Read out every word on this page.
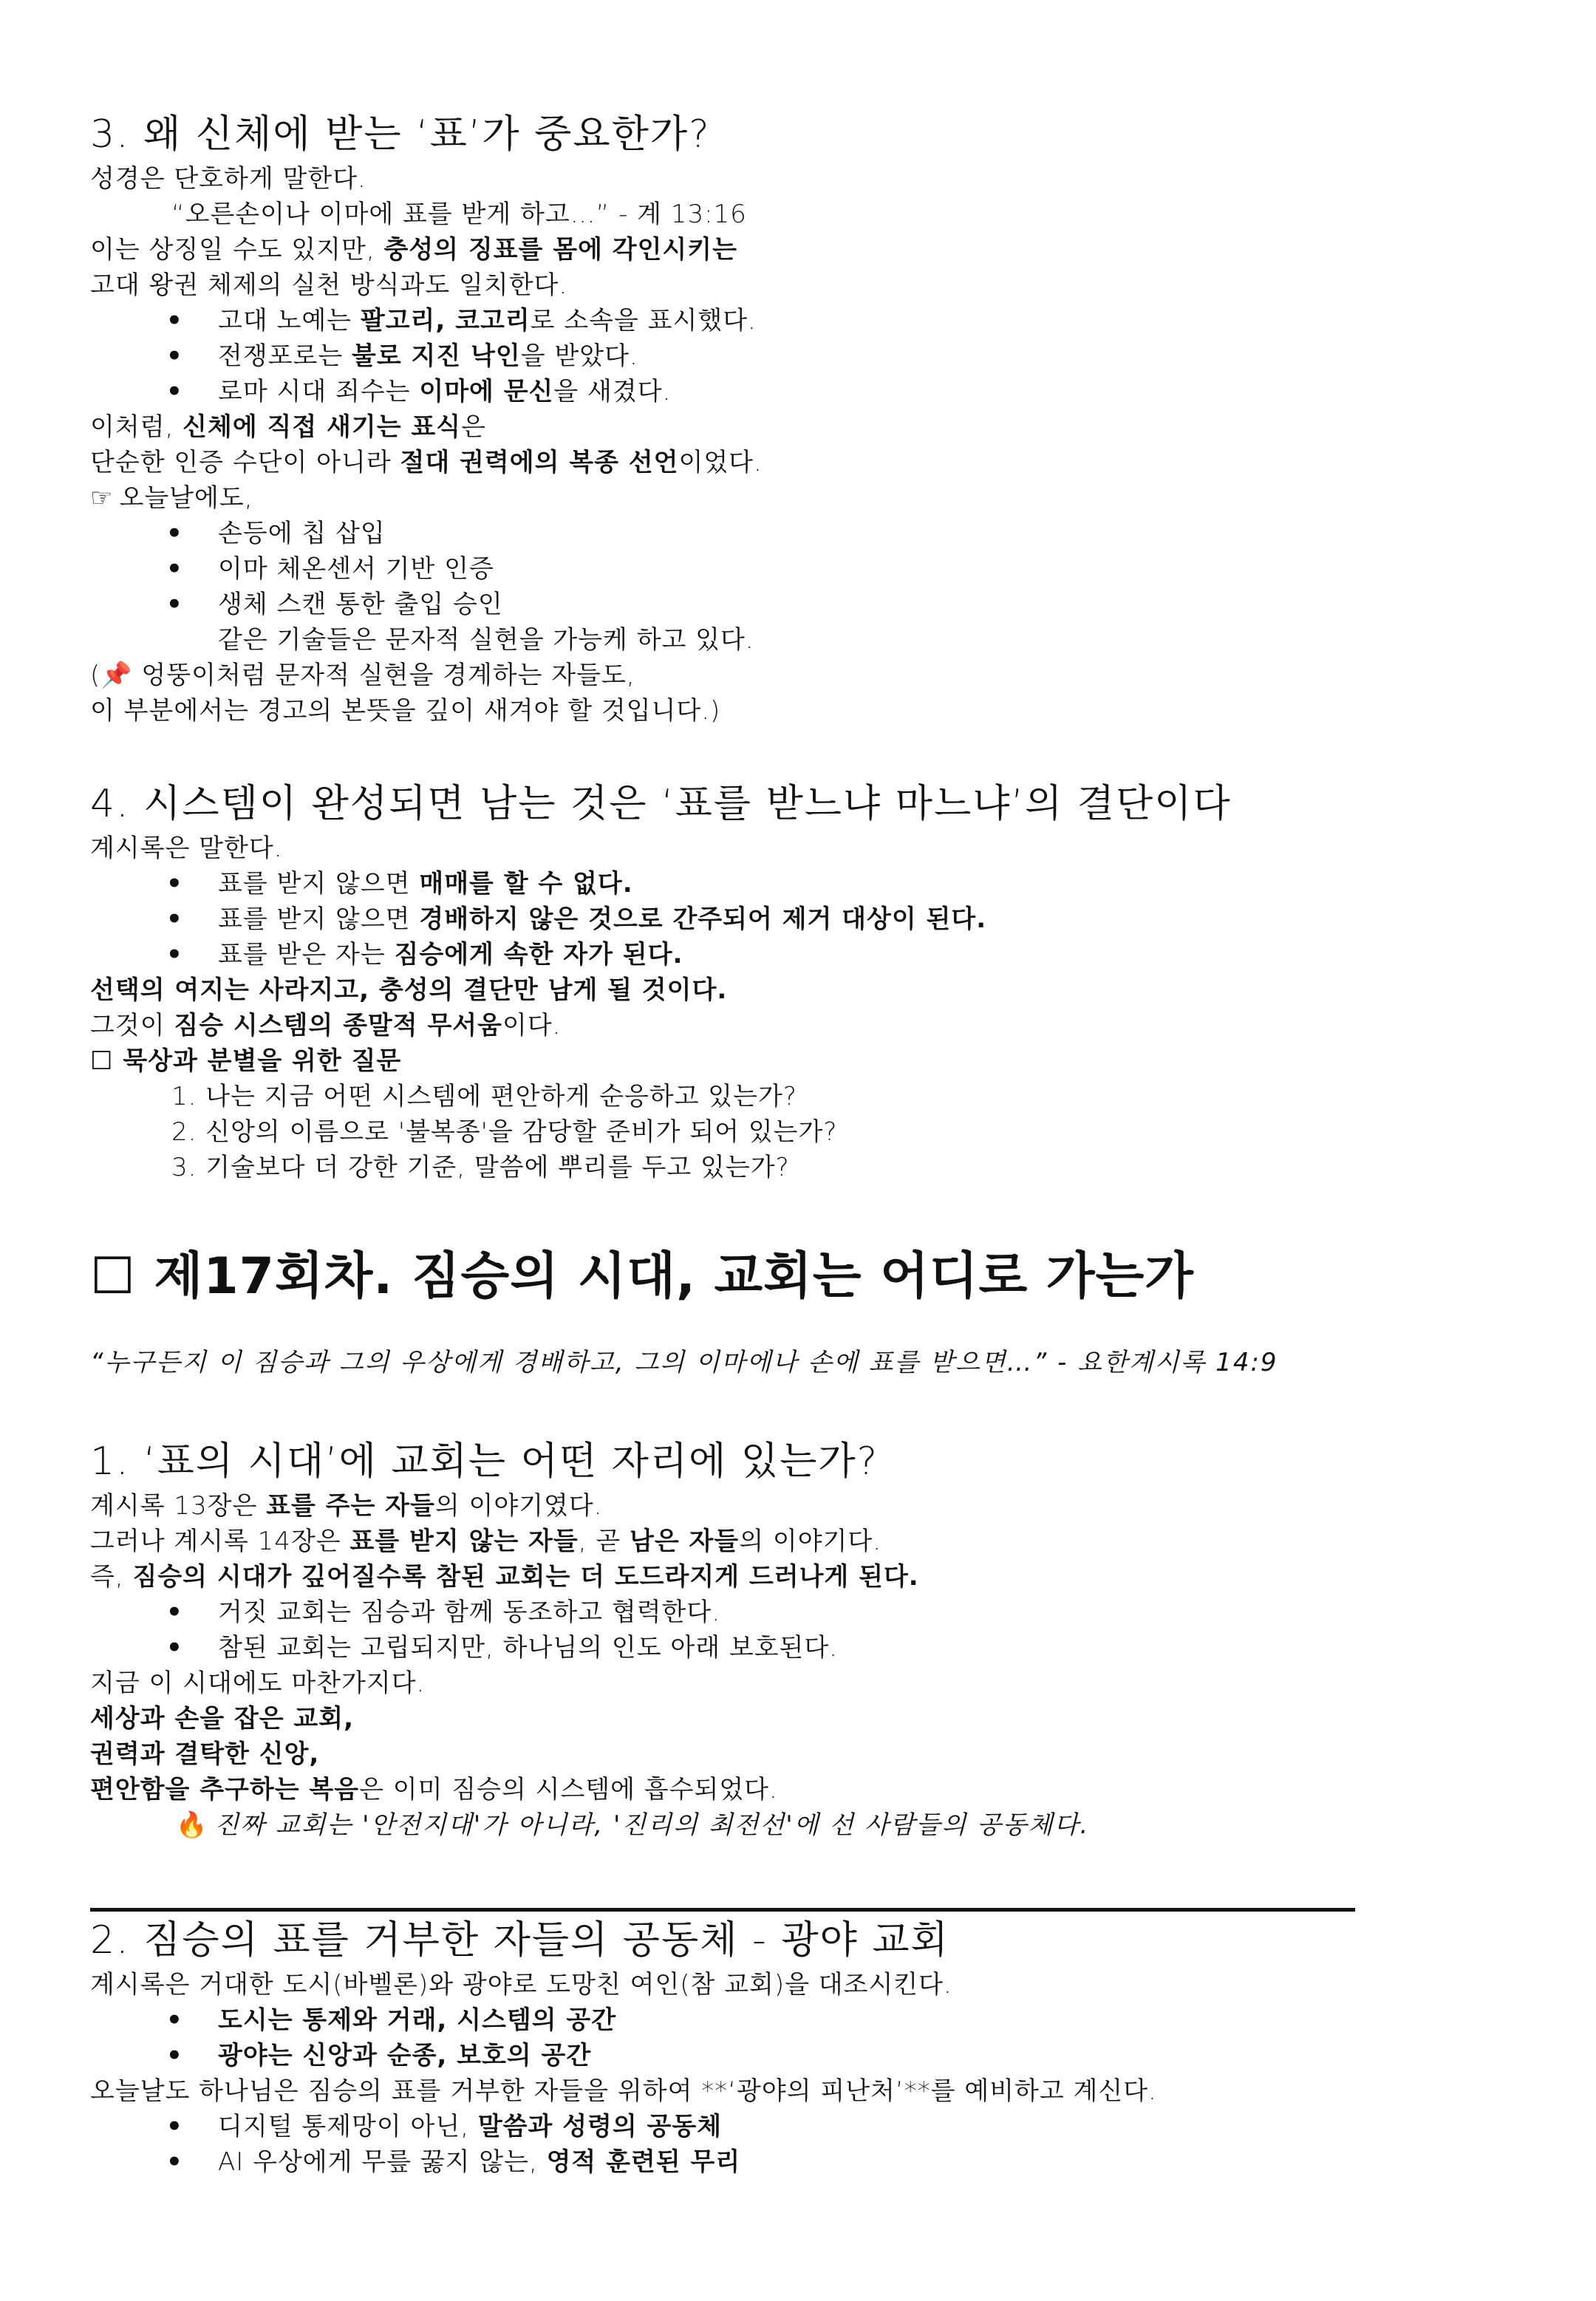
3. 왜 신체에 받는 ‘표’가 중요한가?
성경은 단호하게 말한다.
“오른손이나 이마에 표를 받게 하고…” - 계 13:16
이는 상징일 수도 있지만, 충성의 징표를 몸에 각인시키는
고대 왕권 체제의 실천 방식과도 일치한다.
• 고대 노예는 팔고리, 코고리로 소속을 표시했다.
• 전쟁포로는 불로 지진 낙인을 받았다.
• 로마 시대 죄수는 이마에 문신을 새겼다.
이처럼, 신체에 직접 새기는 표식은
단순한 인증 수단이 아니라 절대 권력에의 복종 선언이었다.
☞ 오늘날에도,
• 손등에 칩 삽입
• 이마 체온센서 기반 인증
• 생체 스캔 통한 출입 승인
같은 기술들은 문자적 실현을 가능케 하고 있다.
(📌 엉뚱이처럼 문자적 실현을 경계하는 자들도,
이 부분에서는 경고의 본뜻을 깊이 새겨야 할 것입니다.)
4. 시스템이 완성되면 남는 것은 ‘표를 받느냐 마느냐’의 결단이다
계시록은 말한다.
• 표를 받지 않으면 매매를 할 수 없다.
• 표를 받지 않으면 경배하지 않은 것으로 간주되어 제거 대상이 된다.
• 표를 받은 자는 짐승에게 속한 자가 된다.
선택의 여지는 사라지고, 충성의 결단만 남게 될 것이다.
그것이 짐승 시스템의 종말적 무서움이다.
☐ 묵상과 분별을 위한 질문
1. 나는 지금 어떤 시스템에 편안하게 순응하고 있는가?
2. 신앙의 이름으로 '불복종'을 감당할 준비가 되어 있는가?
3. 기술보다 더 강한 기준, 말씀에 뿌리를 두고 있는가?
☐ 제17회차. 짐승의 시대, 교회는 어디로 가는가
“누구든지 이 짐승과 그의 우상에게 경배하고, 그의 이마에나 손에 표를 받으면…” - 요한계시록 14:9
1. ‘표의 시대’에 교회는 어떤 자리에 있는가?
계시록 13장은 표를 주는 자들의 이야기였다.
그러나 계시록 14장은 표를 받지 않는 자들, 곧 남은 자들의 이야기다.
즉, 짐승의 시대가 깊어질수록 참된 교회는 더 도드라지게 드러나게 된다.
• 거짓 교회는 짐승과 함께 동조하고 협력한다.
• 참된 교회는 고립되지만, 하나님의 인도 아래 보호된다.
지금 이 시대에도 마찬가지다.
세상과 손을 잡은 교회,
권력과 결탁한 신앙,
편안함을 추구하는 복음은 이미 짐승의 시스템에 흡수되었다.
🔥 진짜 교회는 '안전지대'가 아니라, '진리의 최전선'에 선 사람들의 공동체다.
2. 짐승의 표를 거부한 자들의 공동체 - 광야 교회
계시록은 거대한 도시(바벨론)와 광야로 도망친 여인(참 교회)을 대조시킨다.
• 도시는 통제와 거래, 시스템의 공간
• 광야는 신앙과 순종, 보호의 공간
오늘날도 하나님은 짐승의 표를 거부한 자들을 위하여 **‘광야의 피난처’**를 예비하고 계신다.
• 디지털 통제망이 아닌, 말씀과 성령의 공동체
• AI 우상에게 무릎 꿇지 않는, 영적 훈련된 무리
